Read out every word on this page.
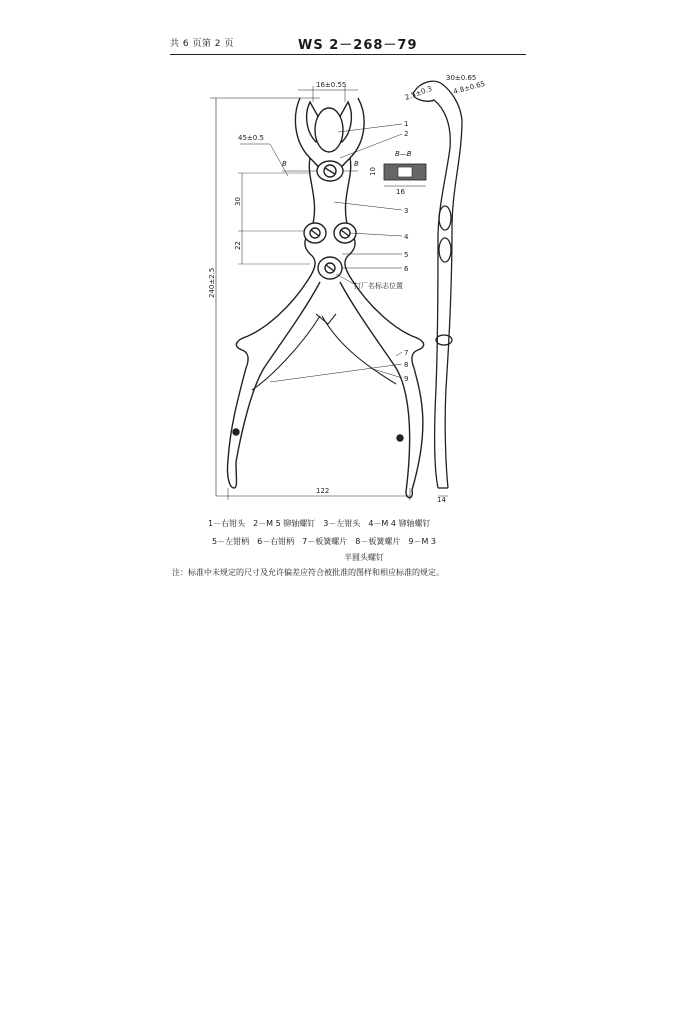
共 6 页第 2 页	WS 2－268－79
240±2.5
45±0.5
16±0.55
B	B
30
22
14
30±0.65
4.8±0.65
2.5±0.3
B—B
16
10
122
1
2
3
4
5
6
7
8
9
打厂名标志位置
1－右钳头　2－M 5 铆轴螺钉　3－左钳头　4－M 4 铆轴螺钉
5－左钳柄　6－右钳柄　7－板簧螺片　8－板簧螺片　9－M 3
半圆头螺钉
注：标准中未规定的尺寸及允许偏差应符合被批准的图样和相应标准的规定。
